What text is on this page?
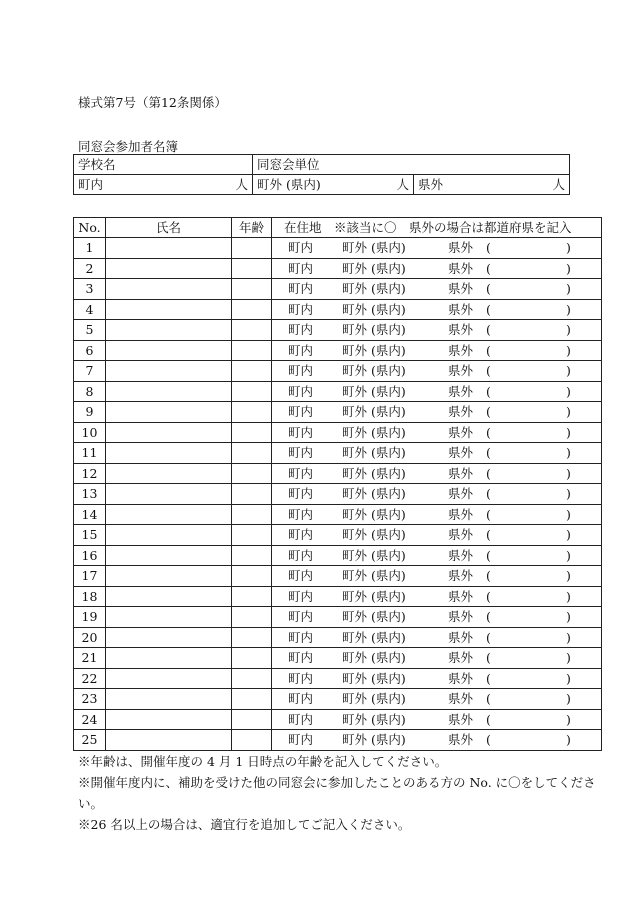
様式第7号（第12条関係）
同窓会参加者名簿
学校名	同窓会単位	

町内 人	町外 (県内) 人	県外 人
No.	氏名	年齢	在住地　※該当に〇　県外の場合は都道府県を記入
1			町内 町外 (県内) 県外 ( )

2			町内 町外 (県内) 県外 ( )

3			町内 町外 (県内) 県外 ( )

4			町内 町外 (県内) 県外 ( )

5			町内 町外 (県内) 県外 ( )

6			町内 町外 (県内) 県外 ( )

7			町内 町外 (県内) 県外 ( )

8			町内 町外 (県内) 県外 ( )

9			町内 町外 (県内) 県外 ( )

10			町内 町外 (県内) 県外 ( )

11			町内 町外 (県内) 県外 ( )

12			町内 町外 (県内) 県外 ( )

13			町内 町外 (県内) 県外 ( )

14			町内 町外 (県内) 県外 ( )

15			町内 町外 (県内) 県外 ( )

16			町内 町外 (県内) 県外 ( )

17			町内 町外 (県内) 県外 ( )

18			町内 町外 (県内) 県外 ( )

19			町内 町外 (県内) 県外 ( )

20			町内 町外 (県内) 県外 ( )

21			町内 町外 (県内) 県外 ( )

22			町内 町外 (県内) 県外 ( )

23			町内 町外 (県内) 県外 ( )

24			町内 町外 (県内) 県外 ( )

25			町内 町外 (県内) 県外 ( )
※年齢は、開催年度の 4 月 1 日時点の年齢を記入してください。
※開催年度内に、補助を受けた他の同窓会に参加したことのある方の No. に〇をしてください。
※26 名以上の場合は、適宜行を追加してご記入ください。
